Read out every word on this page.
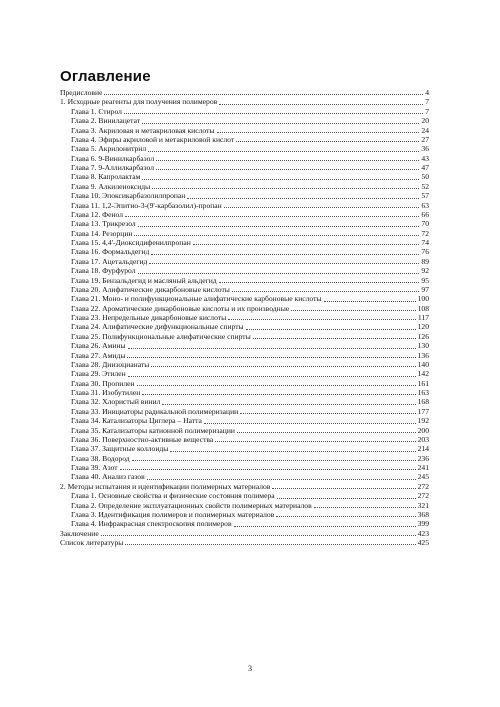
Оглавление
Предисловие	4
1. Исходные реагенты для получения полимеров	7
Глава 1. Стирол	7
Глава 2. Винилацетат	20
Глава 3. Акриловая и метакриловая кислоты	24
Глава 4. Эфиры акриловой и метакриловой кислот	27
Глава 5. Акрилонитрил	36
Глава 6. 9-Винилкарбазол	43
Глава 7. 9-Аллилкарбазол	47
Глава 8. Капролактам	50
Глава 9. Алкиленоксиды	52
Глава 10. Эпоксикарбазолилпропан	57
Глава 11. 1,2-Эпитио-3-(9'-карбазолил)-пропан	63
Глава 12. Фенол	66
Глава 13. Трикрезол	70
Глава 14. Резорцин	72
Глава 15. 4,4'-Диоксидифенилпропан	74
Глава 16. Формальдегид	76
Глава 17. Ацетальдегид	89
Глава 18. Фурфурол	92
Глава 19. Бензальдегид и масляный альдегид	95
Глава 20. Алифатические дикарбоновые кислоты	97
Глава 21. Моно- и полифункциональные алифатические карбоновые кислоты	100
Глава 22. Ароматические дикарбоновые кислоты и их производные	108
Глава 23. Непредельные дикарбоновые кислоты	117
Глава 24. Алифатические дифункциональные спирты	120
Глава 25. Полифункциональные алифатические спирты	126
Глава 26. Амины	130
Глава 27. Амиды	136
Глава 28. Диизоцианаты	140
Глава 29. Этилен	142
Глава 30. Пропилен	161
Глава 31. Изобутилен	163
Глава 32. Хлористый винил	168
Глава 33. Инициаторы радикальной полимеризации	177
Глава 34. Катализаторы Циглера – Натта	192
Глава 35. Катализаторы катионной полимеризации	200
Глава 36. Поверхностно-активные вещества	203
Глава 37. Защитные коллоиды	214
Глава 38. Водород	236
Глава 39. Азот	241
Глава 40. Анализ газов	245
2. Методы испытания и идентификации полимерных материалов	272
Глава 1. Основные свойства и физические состояния полимера	272
Глава 2. Определение эксплуатационных свойств полимерных материалов	321
Глава 3. Идентификация полимеров и полимерных материалов	368
Глава 4. Инфракрасная спектроскопия полимеров	399
Заключение	423
Список литературы	425
3
